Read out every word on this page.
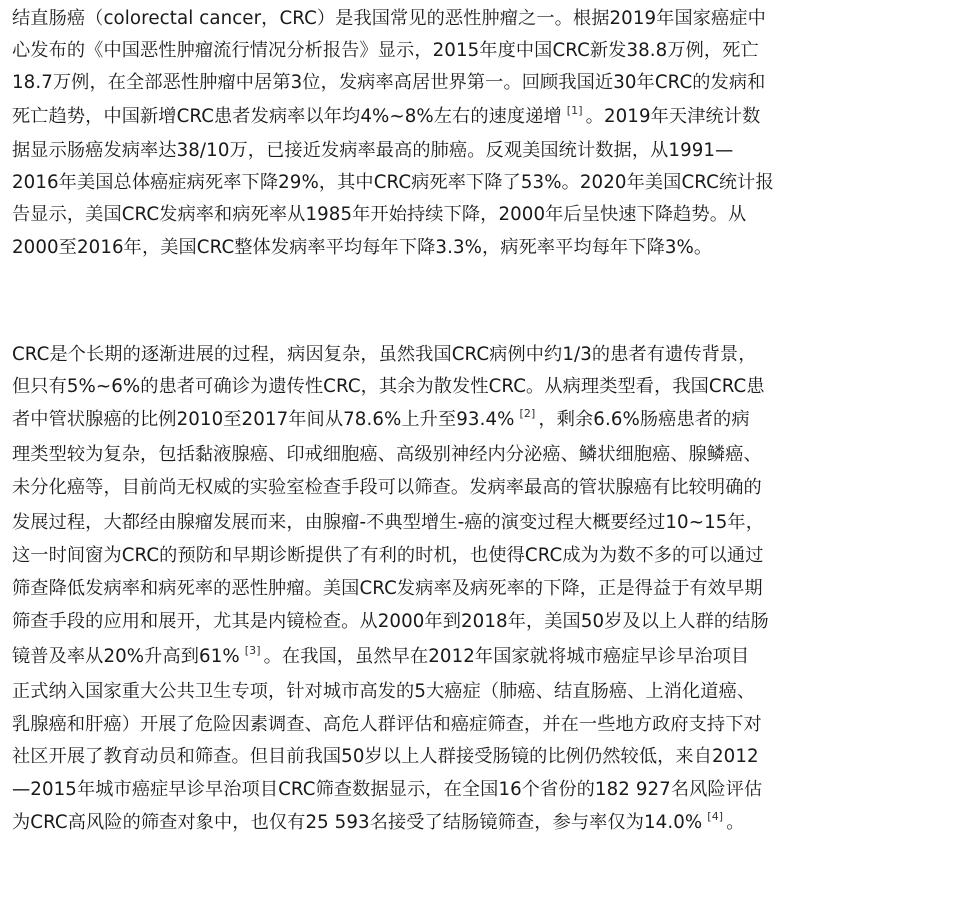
结直肠癌（colorectal cancer，CRC）是我国常见的恶性肿瘤之一。根据2019年国家癌症中
心发布的《中国恶性肿瘤流行情况分析报告》显示，2015年度中国CRC新发38.8万例，死亡
18.7万例，在全部恶性肿瘤中居第3位，发病率高居世界第一。回顾我国近30年CRC的发病和
死亡趋势，中国新增CRC患者发病率以年均4%~8%左右的速度递增 [1] 。2019年天津统计数
据显示肠癌发病率达38/10万，已接近发病率最高的肺癌。反观美国统计数据，从1991—
2016年美国总体癌症病死率下降29%，其中CRC病死率下降了53%。2020年美国CRC统计报
告显示，美国CRC发病率和病死率从1985年开始持续下降，2000年后呈快速下降趋势。从
2000至2016年，美国CRC整体发病率平均每年下降3.3%，病死率平均每年下降3%。
CRC是个长期的逐渐进展的过程，病因复杂，虽然我国CRC病例中约1/3的患者有遗传背景，
但只有5%~6%的患者可确诊为遗传性CRC，其余为散发性CRC。从病理类型看，我国CRC患
者中管状腺癌的比例2010至2017年间从78.6%上升至93.4% [2] ，剩余6.6%肠癌患者的病
理类型较为复杂，包括黏液腺癌、印戒细胞癌、高级别神经内分泌癌、鳞状细胞癌、腺鳞癌、
未分化癌等，目前尚无权威的实验室检查手段可以筛查。发病率最高的管状腺癌有比较明确的
发展过程，大都经由腺瘤发展而来，由腺瘤-不典型增生-癌的演变过程大概要经过10~15年，
这一时间窗为CRC的预防和早期诊断提供了有利的时机，也使得CRC成为为数不多的可以通过
筛查降低发病率和病死率的恶性肿瘤。美国CRC发病率及病死率的下降，正是得益于有效早期
筛查手段的应用和展开，尤其是内镜检查。从2000年到2018年，美国50岁及以上人群的结肠
镜普及率从20%升高到61% [3] 。在我国，虽然早在2012年国家就将城市癌症早诊早治项目
正式纳入国家重大公共卫生专项，针对城市高发的5大癌症（肺癌、结直肠癌、上消化道癌、
乳腺癌和肝癌）开展了危险因素调查、高危人群评估和癌症筛查，并在一些地方政府支持下对
社区开展了教育动员和筛查。但目前我国50岁以上人群接受肠镜的比例仍然较低，来自2012
—2015年城市癌症早诊早治项目CRC筛查数据显示，在全国16个省份的182 927名风险评估
为CRC高风险的筛查对象中，也仅有25 593名接受了结肠镜筛查，参与率仅为14.0% [4] 。
